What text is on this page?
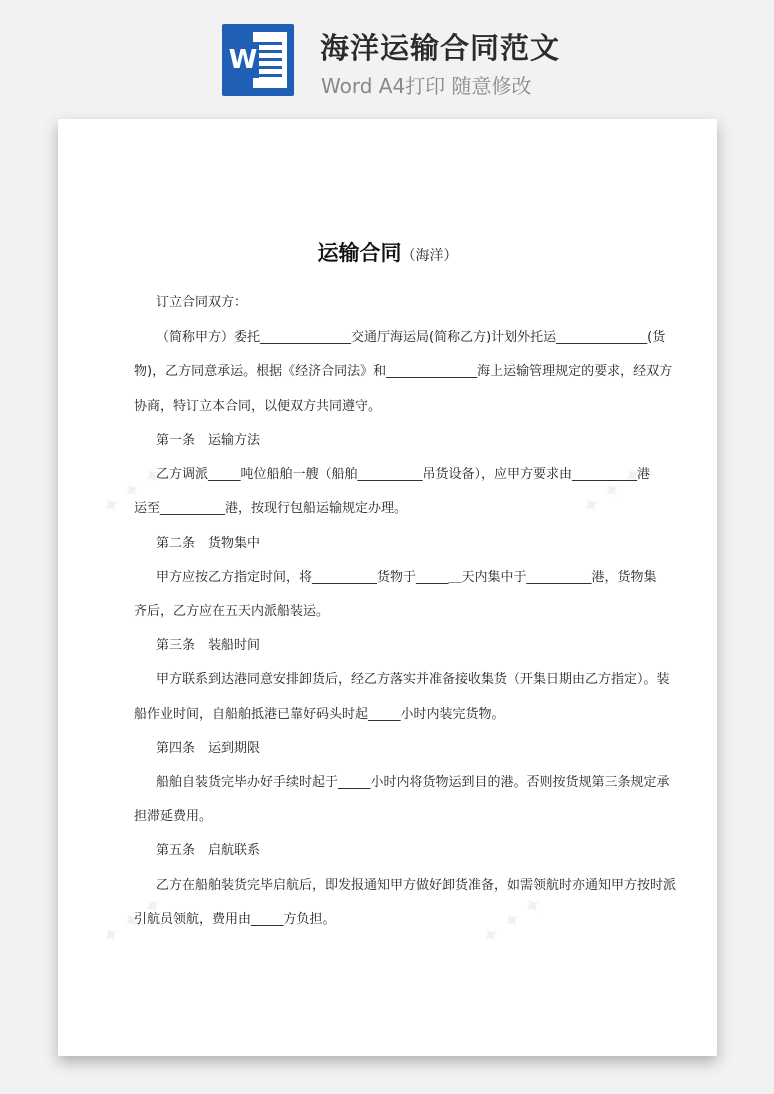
W 海洋运输合同范文
Word A4打印 随意修改
✦ ✦ ✦	✦ ✦ ✦
✦ ✦ ✦	✦ ✦ ✦
运输合同（海洋）
订立合同双方：
（简称甲方）委托______________交通厅海运局(简称乙方)计划外托运______________(货
物)，乙方同意承运。根据《经济合同法》和______________海上运输管理规定的要求，经双方
协商，特订立本合同，以便双方共同遵守。
第一条　运输方法
乙方调派_____吨位船舶一艘（船舶__________吊货设备），应甲方要求由__________港
运至__________港，按现行包船运输规定办理。
第二条　货物集中
甲方应按乙方指定时间，将__________货物于_____＿天内集中于__________港，货物集
齐后，乙方应在五天内派船装运。
第三条　装船时间
甲方联系到达港同意安排卸货后，经乙方落实并准备接收集货（开集日期由乙方指定）。装
船作业时间，自船舶抵港已靠好码头时起_____小时内装完货物。
第四条　运到期限
船舶自装货完毕办好手续时起于_____小时内将货物运到目的港。否则按货规第三条规定承
担滞延费用。
第五条　启航联系
乙方在船舶装货完毕启航后，即发报通知甲方做好卸货准备，如需领航时亦通知甲方按时派
引航员领航，费用由_____方负担。
